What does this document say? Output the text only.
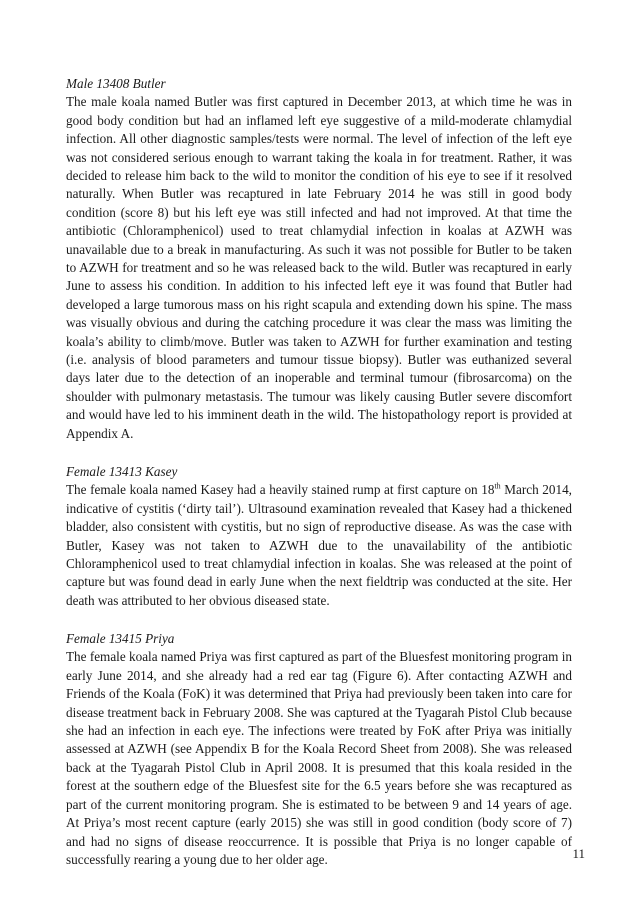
Male 13408 Butler

The male koala named Butler was first captured in December 2013, at which time he was in good body condition but had an inflamed left eye suggestive of a mild-moderate chlamydial infection. All other diagnostic samples/tests were normal. The level of infection of the left eye was not considered serious enough to warrant taking the koala in for treatment. Rather, it was decided to release him back to the wild to monitor the condition of his eye to see if it resolved naturally. When Butler was recaptured in late February 2014 he was still in good body condition (score 8) but his left eye was still infected and had not improved. At that time the antibiotic (Chloramphenicol) used to treat chlamydial infection in koalas at AZWH was unavailable due to a break in manufacturing. As such it was not possible for Butler to be taken to AZWH for treatment and so he was released back to the wild. Butler was recaptured in early June to assess his condition. In addition to his infected left eye it was found that Butler had developed a large tumorous mass on his right scapula and extending down his spine. The mass was visually obvious and during the catching procedure it was clear the mass was limiting the koala’s ability to climb/move. Butler was taken to AZWH for further examination and testing (i.e. analysis of blood parameters and tumour tissue biopsy). Butler was euthanized several days later due to the detection of an inoperable and terminal tumour (fibrosarcoma) on the shoulder with pulmonary metastasis. The tumour was likely causing Butler severe discomfort and would have led to his imminent death in the wild. The histopathology report is provided at Appendix A.

Female 13413 Kasey

The female koala named Kasey had a heavily stained rump at first capture on 18th March 2014, indicative of cystitis (‘dirty tail’). Ultrasound examination revealed that Kasey had a thickened bladder, also consistent with cystitis, but no sign of reproductive disease. As was the case with Butler, Kasey was not taken to AZWH due to the unavailability of the antibiotic Chloramphenicol used to treat chlamydial infection in koalas. She was released at the point of capture but was found dead in early June when the next fieldtrip was conducted at the site. Her death was attributed to her obvious diseased state.

Female 13415 Priya

The female koala named Priya was first captured as part of the Bluesfest monitoring program in early June 2014, and she already had a red ear tag (Figure 6). After contacting AZWH and Friends of the Koala (FoK) it was determined that Priya had previously been taken into care for disease treatment back in February 2008. She was captured at the Tyagarah Pistol Club because she had an infection in each eye. The infections were treated by FoK after Priya was initially assessed at AZWH (see Appendix B for the Koala Record Sheet from 2008). She was released back at the Tyagarah Pistol Club in April 2008. It is presumed that this koala resided in the forest at the southern edge of the Bluesfest site for the 6.5 years before she was recaptured as part of the current monitoring program. She is estimated to be between 9 and 14 years of age. At Priya’s most recent capture (early 2015) she was still in good condition (body score of 7) and had no signs of disease reoccurrence. It is possible that Priya is no longer capable of successfully rearing a young due to her older age.	11
